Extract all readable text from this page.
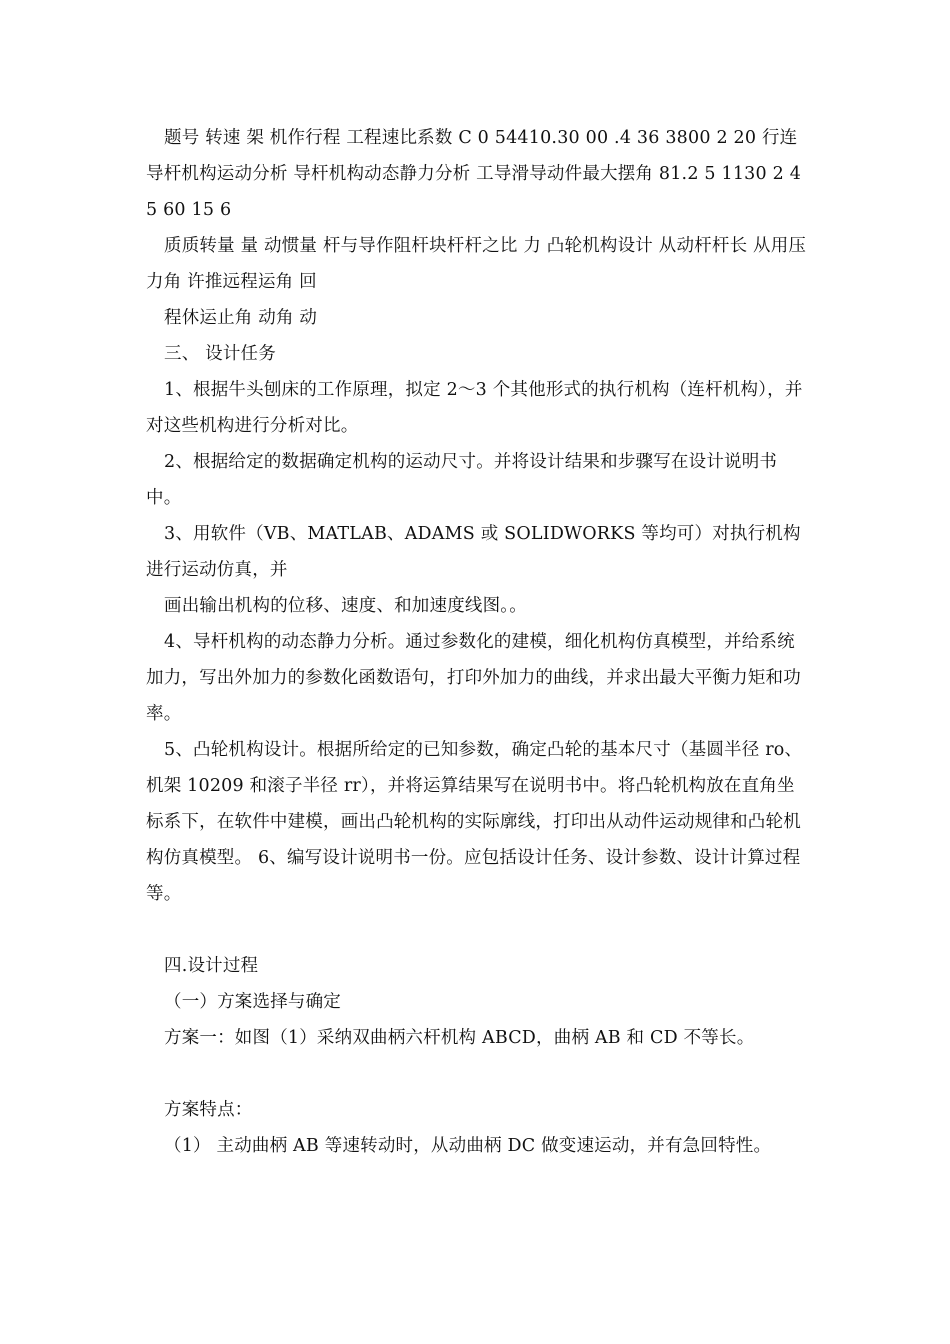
题号 转速 架 机作行程 工程速比系数 C 0 54410.30 00 .4 36 3800 2 20 行连导杆机构运动分析 导杆机构动态静力分析 工导滑导动件最大摆角 81.2 5 1130 2 45 60 15 6

质质转量 量 动惯量 杆与导作阻杆块杆杆之比 力 凸轮机构设计 从动杆杆长 从用压力角 许推远程运角 回

程休运止角 动角 动

三、 设计任务

1、根据牛头刨床的工作原理，拟定 2～3 个其他形式的执行机构（连杆机构），并对这些机构进行分析对比。

2、根据给定的数据确定机构的运动尺寸。并将设计结果和步骤写在设计说明书中。

3、用软件（VB、MATLAB、ADAMS 或 SOLIDWORKS 等均可）对执行机构进行运动仿真，并

画出输出机构的位移、速度、和加速度线图。。

4、导杆机构的动态静力分析。通过参数化的建模，细化机构仿真模型，并给系统加力，写出外加力的参数化函数语句，打印外加力的曲线，并求出最大平衡力矩和功率。

5、凸轮机构设计。根据所给定的已知参数，确定凸轮的基本尺寸（基圆半径 ro、机架 10209 和滚子半径 rr），并将运算结果写在说明书中。将凸轮机构放在直角坐标系下，在软件中建模，画出凸轮机构的实际廓线，打印出从动件运动规律和凸轮机构仿真模型。 6、编写设计说明书一份。应包括设计任务、设计参数、设计计算过程等。

四.设计过程

（一）方案选择与确定

方案一：如图（1）采纳双曲柄六杆机构 ABCD，曲柄 AB 和 CD 不等长。

方案特点：

（1） 主动曲柄 AB 等速转动时，从动曲柄 DC 做变速运动，并有急回特性。
